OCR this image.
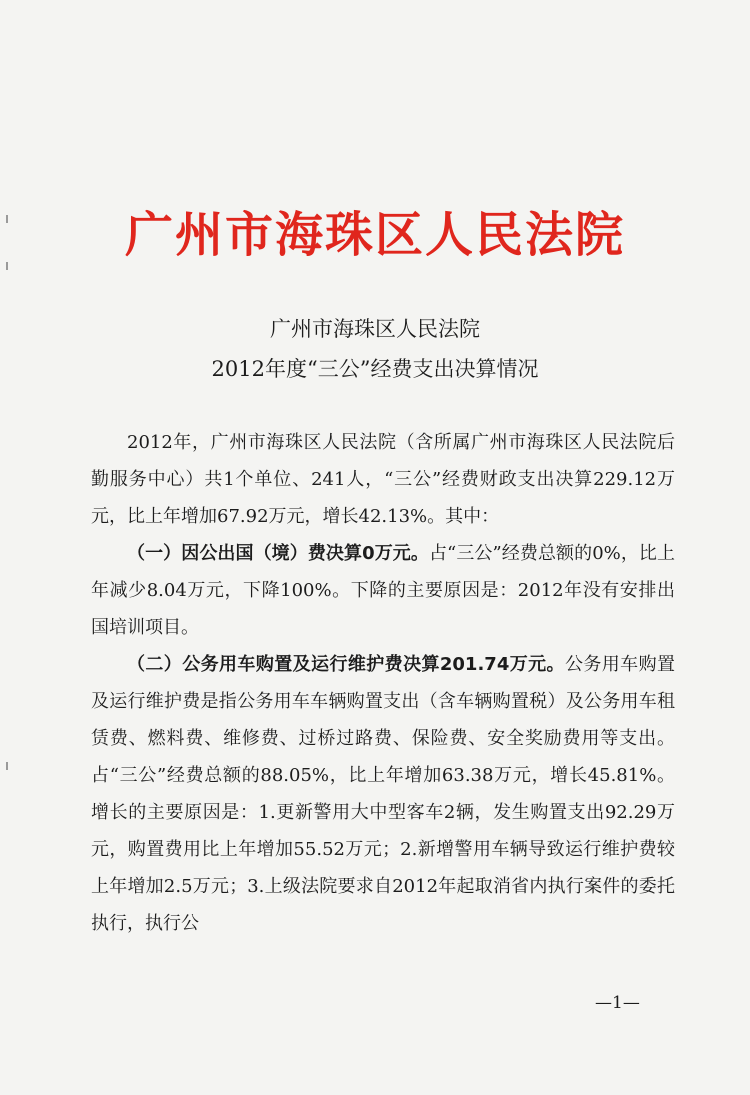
广州市海珠区人民法院
广州市海珠区人民法院
2012年度“三公”经费支出决算情况

2012年，广州市海珠区人民法院（含所属广州市海珠区人民法院后勤服务中心）共1个单位、241人，“三公”经费财政支出决算229.12万元，比上年增加67.92万元，增长42.13%。其中：

（一）因公出国（境）费决算0万元。占“三公”经费总额的0%，比上年减少8.04万元，下降100%。下降的主要原因是：2012年没有安排出国培训项目。

（二）公务用车购置及运行维护费决算201.74万元。公务用车购置及运行维护费是指公务用车车辆购置支出（含车辆购置税）及公务用车租赁费、燃料费、维修费、过桥过路费、保险费、安全奖励费用等支出。占“三公”经费总额的88.05%，比上年增加63.38万元，增长45.81%。增长的主要原因是：1.更新警用大中型客车2辆，发生购置支出92.29万元，购置费用比上年增加55.52万元；2.新增警用车辆导致运行维护费较上年增加2.5万元；3.上级法院要求自2012年起取消省内执行案件的委托执行，执行公

—1—
